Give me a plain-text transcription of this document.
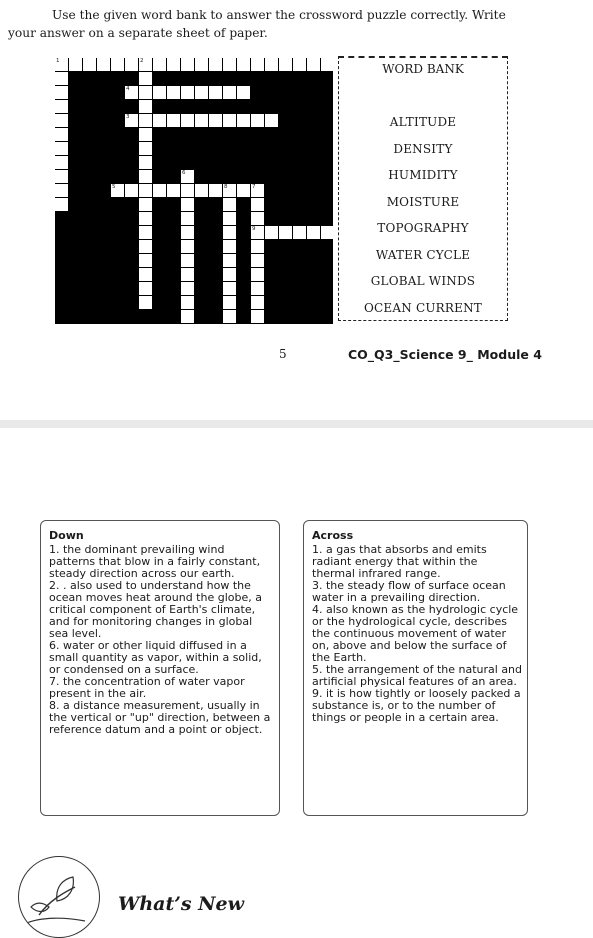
Use the given word bank to answer the crossword puzzle correctly. Write
your answer on a separate sheet of paper.
1	2
4
3
5	8	7
6
9
WORD BANK
ALTITUDE
DENSITY
HUMIDITY
MOISTURE
TOPOGRAPHY
WATER CYCLE
GLOBAL WINDS
OCEAN CURRENT
5	CO_Q3_Science 9_ Module 4
Down

1. the dominant prevailing wind patterns that blow in a fairly constant, steady direction across our earth.

2. . also used to understand how the ocean moves heat around the globe, a critical component of Earth's climate, and for monitoring changes in global sea level.

6. water or other liquid diffused in a small quantity as vapor, within a solid, or condensed on a surface.

7. the concentration of water vapor present in the air.

8. a distance measurement, usually in the vertical or "up" direction, between a reference datum and a point or object.

Across

1. a gas that absorbs and emits radiant energy that within the thermal infrared range.

3. the steady flow of surface ocean water in a prevailing direction.

4. also known as the hydrologic cycle or the hydrological cycle, describes the continuous movement of water on, above and below the surface of the Earth.

5. the arrangement of the natural and artificial physical features of an area.

9. it is how tightly or loosely packed a substance is, or to the number of things or people in a certain area.

What’s New
